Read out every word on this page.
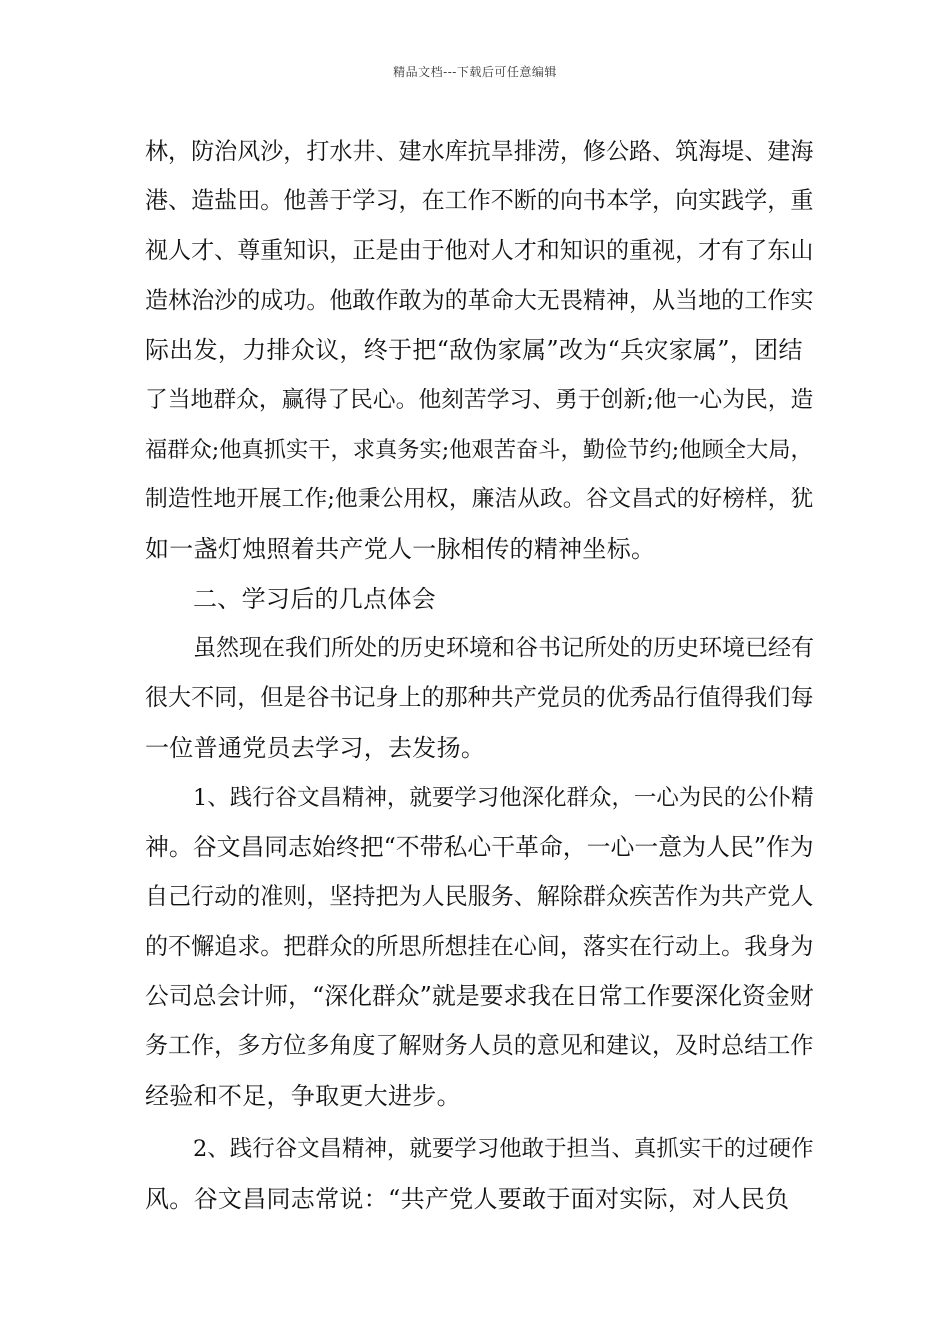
精品文档---下载后可任意编辑

林，防治风沙，打水井、建水库抗旱排涝，修公路、筑海堤、建海

港、造盐田。他善于学习，在工作不断的向书本学，向实践学，重

视人才、尊重知识，正是由于他对人才和知识的重视，才有了东山

造林治沙的成功。他敢作敢为的革命大无畏精神，从当地的工作实

际出发，力排众议，终于把“敌伪家属”改为“兵灾家属”，团结

了当地群众，赢得了民心。他刻苦学习、勇于创新;他一心为民，造

福群众;他真抓实干，求真务实;他艰苦奋斗，勤俭节约;他顾全大局，

制造性地开展工作;他秉公用权，廉洁从政。谷文昌式的好榜样，犹

如一盏灯烛照着共产党人一脉相传的精神坐标。

二、学习后的几点体会

虽然现在我们所处的历史环境和谷书记所处的历史环境已经有

很大不同，但是谷书记身上的那种共产党员的优秀品行值得我们每

一位普通党员去学习，去发扬。

1、践行谷文昌精神，就要学习他深化群众，一心为民的公仆精

神。谷文昌同志始终把“不带私心干革命，一心一意为人民”作为

自己行动的准则，坚持把为人民服务、解除群众疾苦作为共产党人

的不懈追求。把群众的所思所想挂在心间，落实在行动上。我身为

公司总会计师，“深化群众”就是要求我在日常工作要深化资金财

务工作，多方位多角度了解财务人员的意见和建议，及时总结工作

经验和不足，争取更大进步。

2、践行谷文昌精神，就要学习他敢于担当、真抓实干的过硬作

风。谷文昌同志常说：“共产党人要敢于面对实际，对人民负
